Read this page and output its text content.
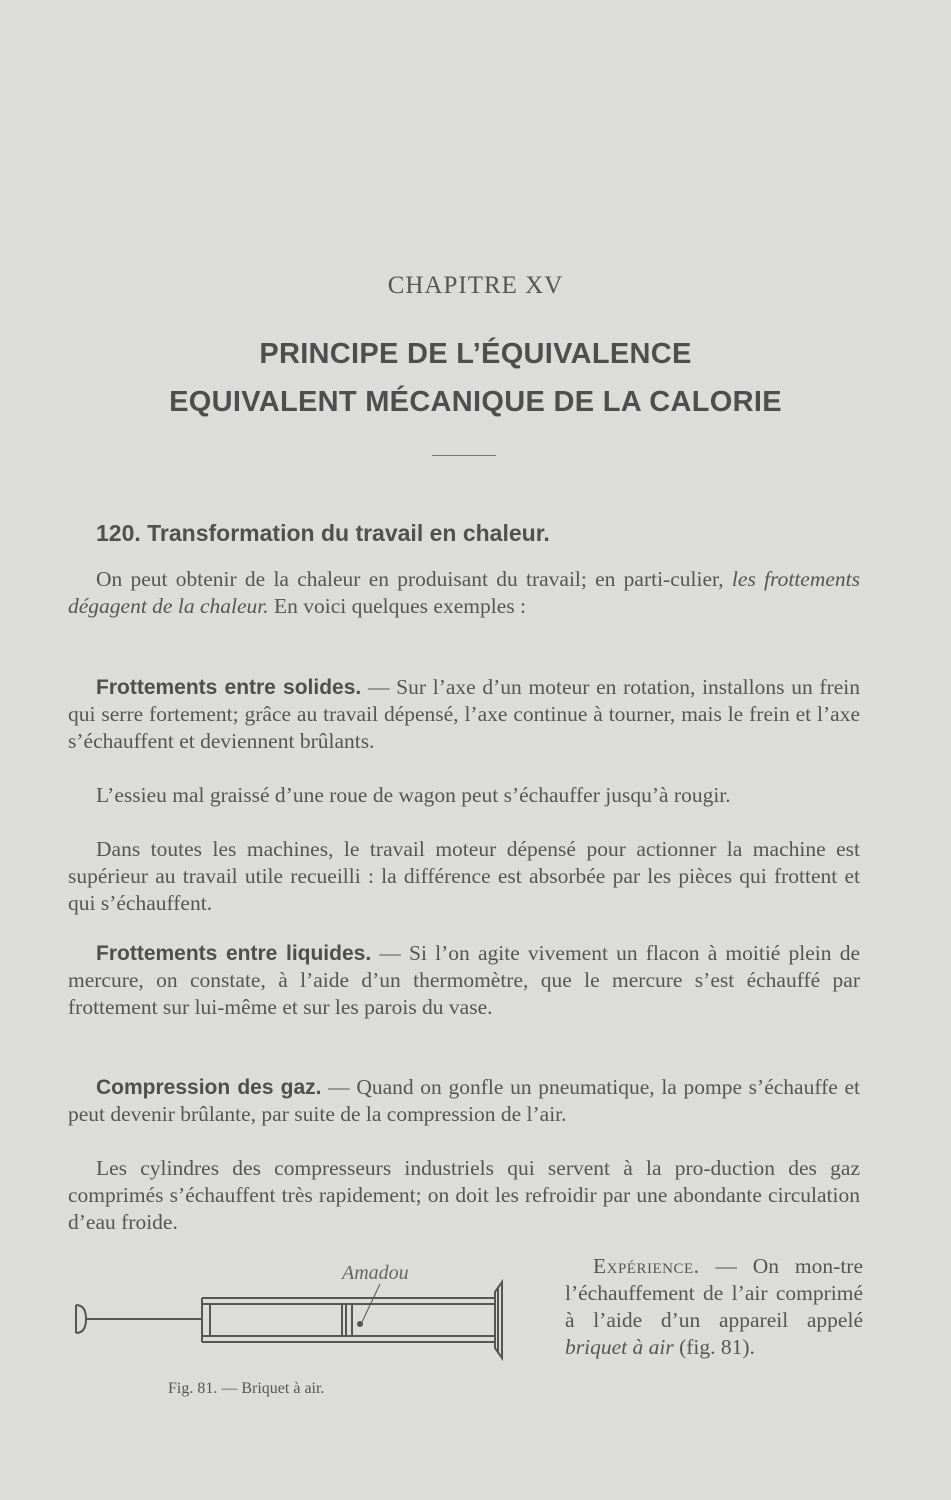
CHAPITRE XV
PRINCIPE DE L’ÉQUIVALENCE
EQUIVALENT MÉCANIQUE DE LA CALORIE
120. Transformation du travail en chaleur.
On peut obtenir de la chaleur en produisant du travail; en parti-culier, les frottements dégagent de la chaleur. En voici quelques exemples :
Frottements entre solides. — Sur l’axe d’un moteur en rotation, installons un frein qui serre fortement; grâce au travail dépensé, l’axe continue à tourner, mais le frein et l’axe s’échauffent et deviennent brûlants.
L’essieu mal graissé d’une roue de wagon peut s’échauffer jusqu’à rougir.
Dans toutes les machines, le travail moteur dépensé pour actionner la machine est supérieur au travail utile recueilli : la différence est absorbée par les pièces qui frottent et qui s’échauffent.
Frottements entre liquides. — Si l’on agite vivement un flacon à moitié plein de mercure, on constate, à l’aide d’un thermomètre, que le mercure s’est échauffé par frottement sur lui-même et sur les parois du vase.
Compression des gaz. — Quand on gonfle un pneumatique, la pompe s’échauffe et peut devenir brûlante, par suite de la compression de l’air.
Les cylindres des compresseurs industriels qui servent à la pro-duction des gaz comprimés s’échauffent très rapidement; on doit les refroidir par une abondante circulation d’eau froide.
Amadou
Fig. 81. — Briquet à air.
Expérience. — On mon-tre l’échauffement de l’air comprimé à l’aide d’un appareil appelé briquet à air (fig. 81).
